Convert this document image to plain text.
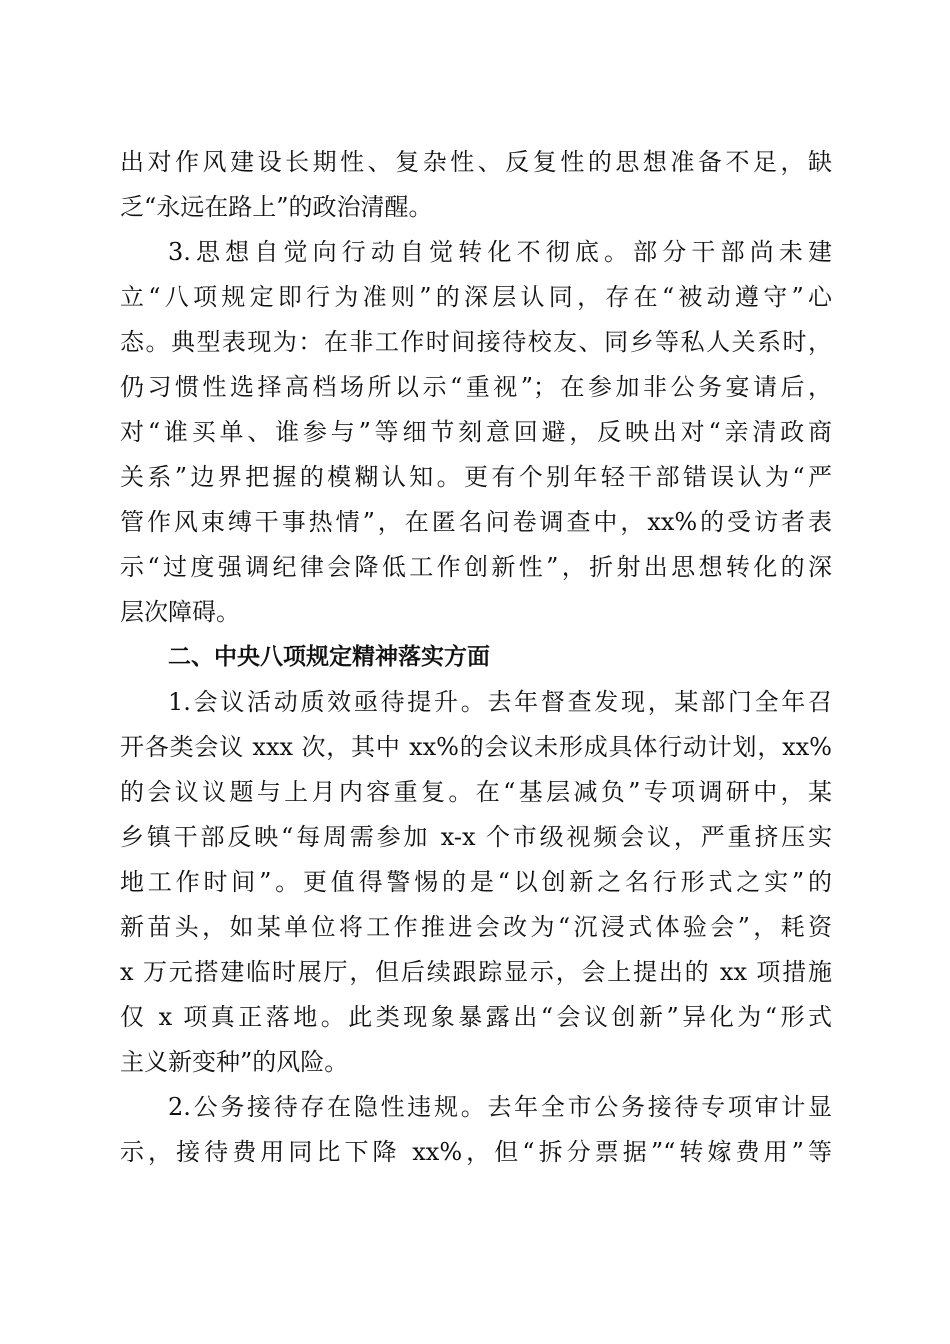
出对作风建设长期性、复杂性、反复性的思想准备不足，缺
乏“永远在路上”的政治清醒。
3.思想自觉向行动自觉转化不彻底。部分干部尚未建
立“八项规定即行为准则”的深层认同，存在“被动遵守”心
态。典型表现为：在非工作时间接待校友、同乡等私人关系时，
仍习惯性选择高档场所以示“重视”；在参加非公务宴请后，
对“谁买单、谁参与”等细节刻意回避，反映出对“亲清政商
关系”边界把握的模糊认知。更有个别年轻干部错误认为“严
管作风束缚干事热情”，在匿名问卷调查中，xx%的受访者表
示“过度强调纪律会降低工作创新性”，折射出思想转化的深
层次障碍。
二、中央八项规定精神落实方面
1.会议活动质效亟待提升。去年督查发现，某部门全年召
开各类会议 xxx 次，其中 xx%的会议未形成具体行动计划，xx%
的会议议题与上月内容重复。在“基层减负”专项调研中，某
乡镇干部反映“每周需参加 x-x 个市级视频会议，严重挤压实
地工作时间”。更值得警惕的是“以创新之名行形式之实”的
新苗头，如某单位将工作推进会改为“沉浸式体验会”，耗资
x 万元搭建临时展厅，但后续跟踪显示，会上提出的 xx 项措施
仅 x 项真正落地。此类现象暴露出“会议创新”异化为“形式
主义新变种”的风险。
2.公务接待存在隐性违规。去年全市公务接待专项审计显
示，接待费用同比下降 xx%，但“拆分票据”“转嫁费用”等
